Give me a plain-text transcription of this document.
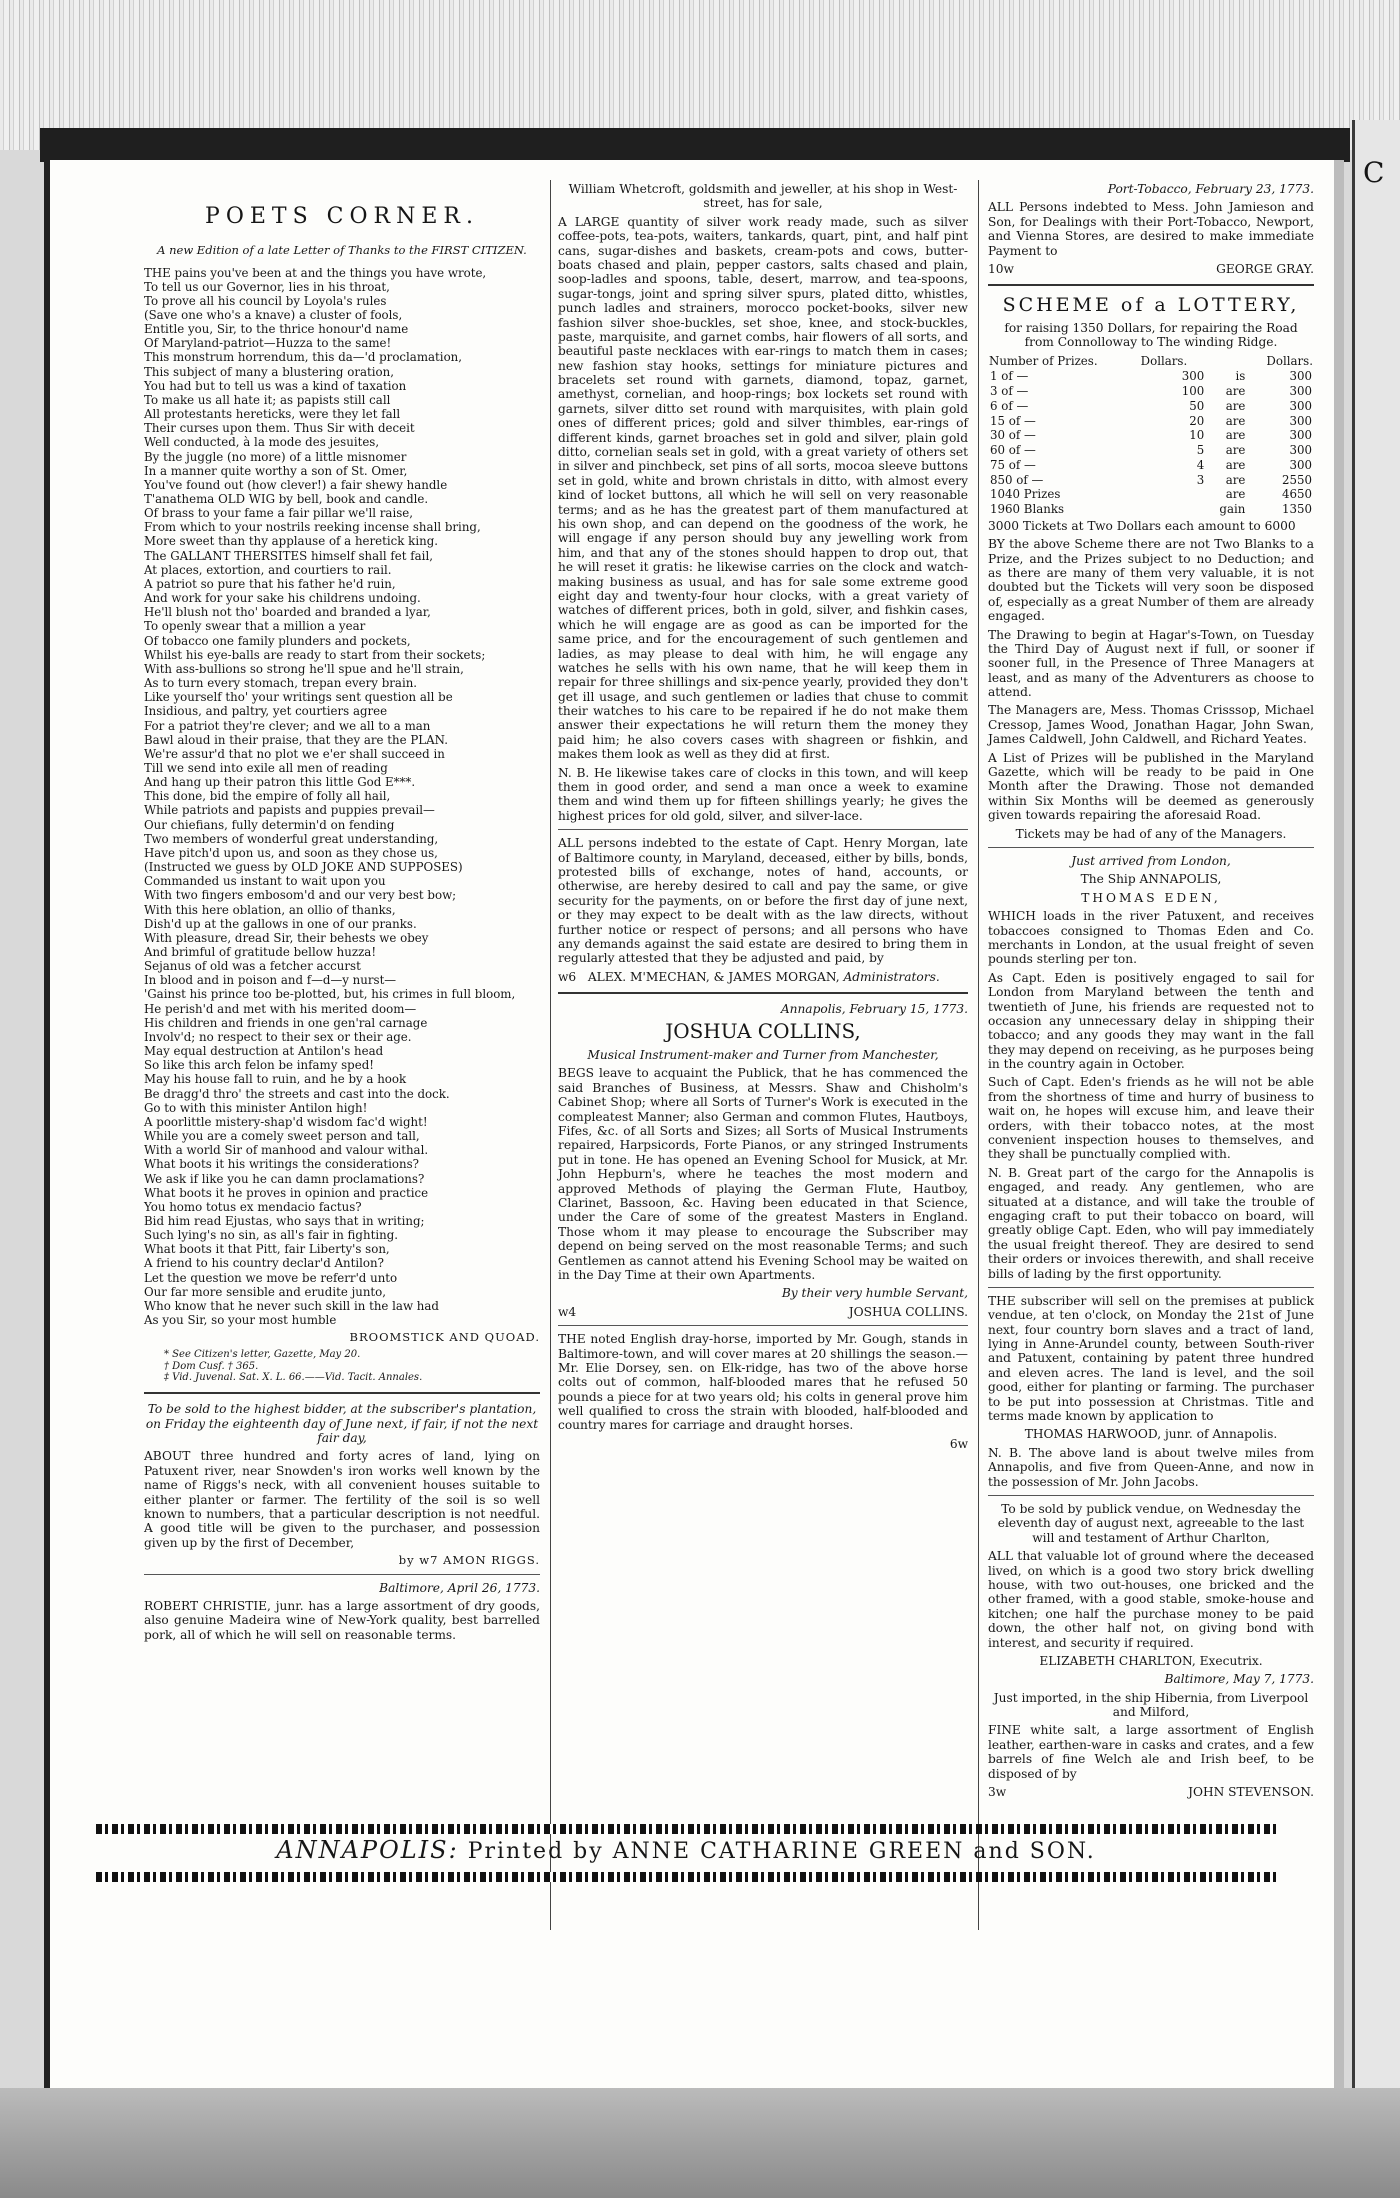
C
POETS CORNER.

A new Edition of a late Letter of Thanks to the FIRST CITIZEN.

THE pains you've been at and the things you have wrote,

To tell us our Governor, lies in his throat,

To prove all his council by Loyola's rules

(Save one who's a knave) a cluster of fools,

Entitle you, Sir, to the thrice honour'd name

Of Maryland-patriot—Huzza to the same!

This monstrum horrendum, this da—'d proclamation,

This subject of many a blustering oration,

You had but to tell us was a kind of taxation

To make us all hate it; as papists still call

All protestants hereticks, were they let fall

Their curses upon them. Thus Sir with deceit

Well conducted, à la mode des jesuites,

By the juggle (no more) of a little misnomer

In a manner quite worthy a son of St. Omer,

You've found out (how clever!) a fair shewy handle

T'anathema OLD WIG by bell, book and candle.

Of brass to your fame a fair pillar we'll raise,

From which to your nostrils reeking incense shall bring,

More sweet than thy applause of a heretick king.

The GALLANT THERSITES himself shall fet fail,

At places, extortion, and courtiers to rail.

A patriot so pure that his father he'd ruin,

And work for your sake his childrens undoing.

He'll blush not tho' boarded and branded a lyar,

To openly swear that a million a year

Of tobacco one family plunders and pockets,

Whilst his eye-balls are ready to start from their sockets;

With ass-bullions so strong he'll spue and he'll strain,

As to turn every stomach, trepan every brain.

Like yourself tho' your writings sent question all be

Insidious, and paltry, yet courtiers agree

For a patriot they're clever; and we all to a man

Bawl aloud in their praise, that they are the PLAN.

We're assur'd that no plot we e'er shall succeed in

Till we send into exile all men of reading

And hang up their patron this little God E***.

This done, bid the empire of folly all hail,

While patriots and papists and puppies prevail—

Our chiefians, fully determin'd on fending

Two members of wonderful great understanding,

Have pitch'd upon us, and soon as they chose us,

(Instructed we guess by OLD JOKE AND SUPPOSES)

Commanded us instant to wait upon you

With two fingers embosom'd and our very best bow;

With this here oblation, an ollio of thanks,

Dish'd up at the gallows in one of our pranks.

With pleasure, dread Sir, their behests we obey

And brimful of gratitude bellow huzza!

Sejanus of old was a fetcher accurst

In blood and in poison and f—d—y nurst—

'Gainst his prince too be-plotted, but, his crimes in full bloom,

He perish'd and met with his merited doom—

His children and friends in one gen'ral carnage

Involv'd; no respect to their sex or their age.

May equal destruction at Antilon's head

So like this arch felon be infamy sped!

May his house fall to ruin, and he by a hook

Be dragg'd thro' the streets and cast into the dock.

Go to with this minister Antilon high!

A poorlittle mistery-shap'd wisdom fac'd wight!

While you are a comely sweet person and tall,

With a world Sir of manhood and valour withal.

What boots it his writings the considerations?

We ask if like you he can damn proclamations?

What boots it he proves in opinion and practice

You homo totus ex mendacio factus?

Bid him read Ejustas, who says that in writing;

Such lying's no sin, as all's fair in fighting.

What boots it that Pitt, fair Liberty's son,

A friend to his country declar'd Antilon?

Let the question we move be referr'd unto

Our far more sensible and erudite junto,

Who know that he never such skill in the law had

As you Sir, so your most humble

BROOMSTICK AND QUOAD.

* See Citizen's letter, Gazette, May 20.

† Dom Cusf. † 365.

‡ Vid. Juvenal. Sat. X. L. 66.——Vid. Tacit. Annales.

To be sold to the highest bidder, at the subscriber's plantation, on Friday the eighteenth day of June next, if fair, if not the next fair day,

ABOUT three hundred and forty acres of land, lying on Patuxent river, near Snowden's iron works well known by the name of Riggs's neck, with all convenient houses suitable to either planter or farmer. The fertility of the soil is so well known to numbers, that a particular description is not needful. A good title will be given to the purchaser, and possession given up by the first of December,

by w7 AMON RIGGS.

Baltimore, April 26, 1773.

ROBERT CHRISTIE, junr. has a large assortment of dry goods, also genuine Madeira wine of New-York quality, best barrelled pork, all of which he will sell on reasonable terms.

William Whetcroft, goldsmith and jeweller, at his shop in West-street, has for sale,

A LARGE quantity of silver work ready made, such as silver coffee-pots, tea-pots, waiters, tankards, quart, pint, and half pint cans, sugar-dishes and baskets, cream-pots and cows, butter-boats chased and plain, pepper castors, salts chased and plain, soop-ladles and spoons, table, desert, marrow, and tea-spoons, sugar-tongs, joint and spring silver spurs, plated ditto, whistles, punch ladles and strainers, morocco pocket-books, silver new fashion silver shoe-buckles, set shoe, knee, and stock-buckles, paste, marquisite, and garnet combs, hair flowers of all sorts, and beautiful paste necklaces with ear-rings to match them in cases; new fashion stay hooks, settings for miniature pictures and bracelets set round with garnets, diamond, topaz, garnet, amethyst, cornelian, and hoop-rings; box lockets set round with garnets, silver ditto set round with marquisites, with plain gold ones of different prices; gold and silver thimbles, ear-rings of different kinds, garnet broaches set in gold and silver, plain gold ditto, cornelian seals set in gold, with a great variety of others set in silver and pinchbeck, set pins of all sorts, mocoa sleeve buttons set in gold, white and brown christals in ditto, with almost every kind of locket buttons, all which he will sell on very reasonable terms; and as he has the greatest part of them manufactured at his own shop, and can depend on the goodness of the work, he will engage if any person should buy any jewelling work from him, and that any of the stones should happen to drop out, that he will reset it gratis: he likewise carries on the clock and watch-making business as usual, and has for sale some extreme good eight day and twenty-four hour clocks, with a great variety of watches of different prices, both in gold, silver, and fishkin cases, which he will engage are as good as can be imported for the same price, and for the encouragement of such gentlemen and ladies, as may please to deal with him, he will engage any watches he sells with his own name, that he will keep them in repair for three shillings and six-pence yearly, provided they don't get ill usage, and such gentlemen or ladies that chuse to commit their watches to his care to be repaired if he do not make them answer their expectations he will return them the money they paid him; he also covers cases with shagreen or fishkin, and makes them look as well as they did at first.

N. B. He likewise takes care of clocks in this town, and will keep them in good order, and send a man once a week to examine them and wind them up for fifteen shillings yearly; he gives the highest prices for old gold, silver, and silver-lace.

ALL persons indebted to the estate of Capt. Henry Morgan, late of Baltimore county, in Maryland, deceased, either by bills, bonds, protested bills of exchange, notes of hand, accounts, or otherwise, are hereby desired to call and pay the same, or give security for the payments, on or before the first day of june next, or they may expect to be dealt with as the law directs, without further notice or respect of persons; and all persons who have any demands against the said estate are desired to bring them in regularly attested that they be adjusted and paid, by

w6 ALEX. M'MECHAN, & JAMES MORGAN, Administrators.

Annapolis, February 15, 1773.

JOSHUA COLLINS,

Musical Instrument-maker and Turner from Manchester,

BEGS leave to acquaint the Publick, that he has commenced the said Branches of Business, at Messrs. Shaw and Chisholm's Cabinet Shop; where all Sorts of Turner's Work is executed in the compleatest Manner; also German and common Flutes, Hautboys, Fifes, &c. of all Sorts and Sizes; all Sorts of Musical Instruments repaired, Harpsicords, Forte Pianos, or any stringed Instruments put in tone. He has opened an Evening School for Musick, at Mr. John Hepburn's, where he teaches the most modern and approved Methods of playing the German Flute, Hautboy, Clarinet, Bassoon, &c. Having been educated in that Science, under the Care of some of the greatest Masters in England. Those whom it may please to encourage the Subscriber may depend on being served on the most reasonable Terms; and such Gentlemen as cannot attend his Evening School may be waited on in the Day Time at their own Apartments.

By their very humble Servant,

w4	JOSHUA COLLINS.

THE noted English dray-horse, imported by Mr. Gough, stands in Baltimore-town, and will cover mares at 20 shillings the season.—Mr. Elie Dorsey, sen. on Elk-ridge, has two of the above horse colts out of common, half-blooded mares that he refused 50 pounds a piece for at two years old; his colts in general prove him well qualified to cross the strain with blooded, half-blooded and country mares for carriage and draught horses.

6w

Port-Tobacco, February 23, 1773.

ALL Persons indebted to Mess. John Jamieson and Son, for Dealings with their Port-Tobacco, Newport, and Vienna Stores, are desired to make immediate Payment to

10w	GEORGE GRAY.

SCHEME of a LOTTERY,

for raising 1350 Dollars, for repairing the Road from Connolloway to The winding Ridge.

Number of Prizes.	Dollars.		Dollars.
1 of —	300	is	300
3 of —	100	are	300
6 of —	50	are	300
15 of —	20	are	300
30 of —	10	are	300
60 of —	5	are	300
75 of —	4	are	300
850 of —	3	are	2550
1040 Prizes		are	4650
1960 Blanks		gain	1350

3000 Tickets at Two Dollars each amount to 6000

BY the above Scheme there are not Two Blanks to a Prize, and the Prizes subject to no Deduction; and as there are many of them very valuable, it is not doubted but the Tickets will very soon be disposed of, especially as a great Number of them are already engaged.

The Drawing to begin at Hagar's-Town, on Tuesday the Third Day of August next if full, or sooner if sooner full, in the Presence of Three Managers at least, and as many of the Adventurers as choose to attend.

The Managers are, Mess. Thomas Crisssop, Michael Cressop, James Wood, Jonathan Hagar, John Swan, James Caldwell, John Caldwell, and Richard Yeates.

A List of Prizes will be published in the Maryland Gazette, which will be ready to be paid in One Month after the Drawing. Those not demanded within Six Months will be deemed as generously given towards repairing the aforesaid Road.

Tickets may be had of any of the Managers.

Just arrived from London,

The Ship ANNAPOLIS,

THOMAS EDEN,

WHICH loads in the river Patuxent, and receives tobaccoes consigned to Thomas Eden and Co. merchants in London, at the usual freight of seven pounds sterling per ton.

As Capt. Eden is positively engaged to sail for London from Maryland between the tenth and twentieth of June, his friends are requested not to occasion any unnecessary delay in shipping their tobacco; and any goods they may want in the fall they may depend on receiving, as he purposes being in the country again in October.

Such of Capt. Eden's friends as he will not be able from the shortness of time and hurry of business to wait on, he hopes will excuse him, and leave their orders, with their tobacco notes, at the most convenient inspection houses to themselves, and they shall be punctually complied with.

N. B. Great part of the cargo for the Annapolis is engaged, and ready. Any gentlemen, who are situated at a distance, and will take the trouble of engaging craft to put their tobacco on board, will greatly oblige Capt. Eden, who will pay immediately the usual freight thereof. They are desired to send their orders or invoices therewith, and shall receive bills of lading by the first opportunity.

THE subscriber will sell on the premises at publick vendue, at ten o'clock, on Monday the 21st of June next, four country born slaves and a tract of land, lying in Anne-Arundel county, between South-river and Patuxent, containing by patent three hundred and eleven acres. The land is level, and the soil good, either for planting or farming. The purchaser to be put into possession at Christmas. Title and terms made known by application to

THOMAS HARWOOD, junr. of Annapolis.

N. B. The above land is about twelve miles from Annapolis, and five from Queen-Anne, and now in the possession of Mr. John Jacobs.

To be sold by publick vendue, on Wednesday the eleventh day of august next, agreeable to the last will and testament of Arthur Charlton,

ALL that valuable lot of ground where the deceased lived, on which is a good two story brick dwelling house, with two out-houses, one bricked and the other framed, with a good stable, smoke-house and kitchen; one half the purchase money to be paid down, the other half not, on giving bond with interest, and security if required.

ELIZABETH CHARLTON, Executrix.

Baltimore, May 7, 1773.

Just imported, in the ship Hibernia, from Liverpool and Milford,

FINE white salt, a large assortment of English leather, earthen-ware in casks and crates, and a few barrels of fine Welch ale and Irish beef, to be disposed of by

3w	JOHN STEVENSON.

ANNAPOLIS: Printed by ANNE CATHARINE GREEN and SON.
